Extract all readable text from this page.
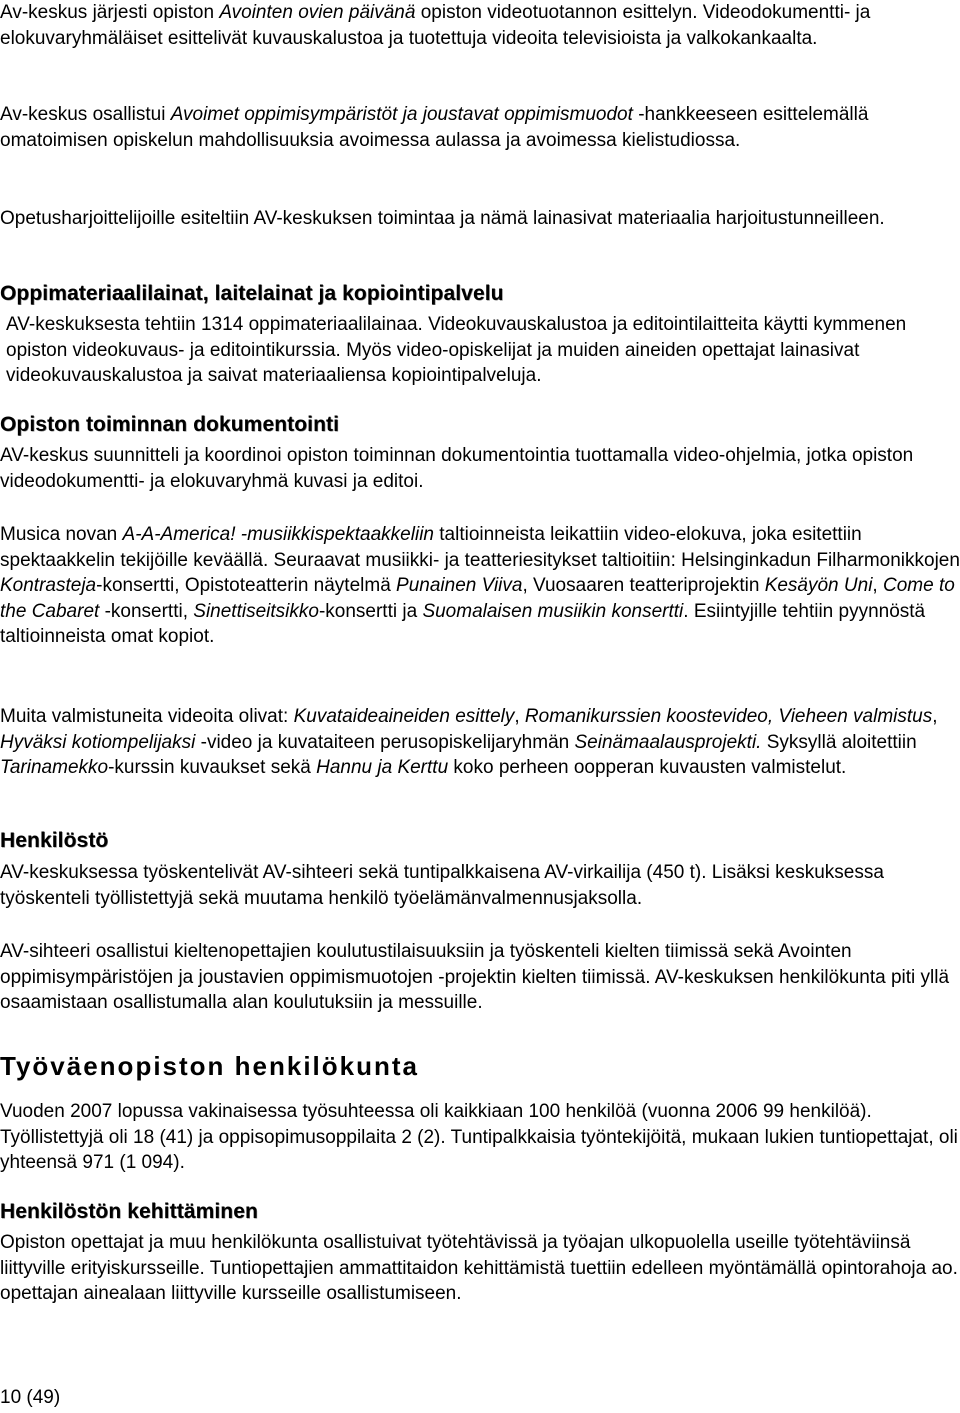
Av-keskus järjesti opiston Avointen ovien päivänä opiston videotuotannon esittelyn. Videodokumentti- ja elokuvaryhmäläiset esittelivät kuvauskalustoa ja tuotettuja videoita televisioista ja valkokankaalta.

Av-keskus osallistui Avoimet oppimisympäristöt ja joustavat oppimismuodot -hankkeeseen esittelemällä omatoimisen opiskelun mahdollisuuksia avoimessa aulassa ja avoimessa kielistudiossa.

Opetusharjoittelijoille esiteltiin AV-keskuksen toimintaa ja nämä lainasivat materiaalia harjoitustunneilleen.

Oppimateriaalilainat, laitelainat ja kopiointipalvelu

AV-keskuksesta tehtiin 1314 oppimateriaalilainaa. Videokuvauskalustoa ja editointilaitteita käytti kymmenen opiston videokuvaus- ja editointikurssia. Myös video-opiskelijat ja muiden aineiden opettajat lainasivat videokuvauskalustoa ja saivat materiaaliensa kopiointipalveluja.

Opiston toiminnan dokumentointi

AV-keskus suunnitteli ja koordinoi opiston toiminnan dokumentointia tuottamalla video-ohjelmia, jotka opiston videodokumentti- ja elokuvaryhmä kuvasi ja editoi.

Musica novan A-A-America! -musiikkispektaakkeliin taltioinneista leikattiin video-elokuva, joka esitettiin spektaakkelin tekijöille keväällä. Seuraavat musiikki- ja teatteriesitykset taltioitiin: Helsinginkadun Filharmonikkojen Kontrasteja-konsertti, Opistoteatterin näytelmä Punainen Viiva, Vuosaaren teatteriprojektin Kesäyön Uni, Come to the Cabaret -konsertti, Sinettiseitsikko-konsertti ja Suomalaisen musiikin konsertti. Esiintyjille tehtiin pyynnöstä taltioinneista omat kopiot.

Muita valmistuneita videoita olivat: Kuvataideaineiden esittely, Romanikurssien koostevideo, Vieheen valmistus, Hyväksi kotiompelijaksi -video ja kuvataiteen perusopiskelijaryhmän Seinämaalausprojekti. Syksyllä aloitettiin Tarinamekko-kurssin kuvaukset sekä Hannu ja Kerttu koko perheen oopperan kuvausten valmistelut.

Henkilöstö

AV-keskuksessa työskentelivät AV-sihteeri sekä tuntipalkkaisena AV-virkailija (450 t). Lisäksi keskuksessa työskenteli työllistettyjä sekä muutama henkilö työelämänvalmennusjaksolla.

AV-sihteeri osallistui kieltenopettajien koulutustilaisuuksiin ja työskenteli kielten tiimissä sekä Avointen oppimisympäristöjen ja joustavien oppimismuotojen -projektin kielten tiimissä. AV-keskuksen henkilökunta piti yllä osaamistaan osallistumalla alan koulutuksiin ja messuille.

Työväenopiston henkilökunta

Vuoden 2007 lopussa vakinaisessa työsuhteessa oli kaikkiaan 100 henkilöä (vuonna 2006 99 henkilöä). Työllistettyjä oli 18 (41) ja oppisopimusoppilaita 2 (2). Tuntipalkkaisia työntekijöitä, mukaan lukien tuntiopettajat, oli yhteensä 971 (1 094).

Henkilöstön kehittäminen

Opiston opettajat ja muu henkilökunta osallistuivat työtehtävissä ja työajan ulkopuolella useille työtehtäviinsä liittyville erityiskursseille. Tuntiopettajien ammattitaidon kehittämistä tuettiin edelleen myöntämällä opintorahoja ao. opettajan ainealaan liittyville kursseille osallistumiseen.

10 (49)
